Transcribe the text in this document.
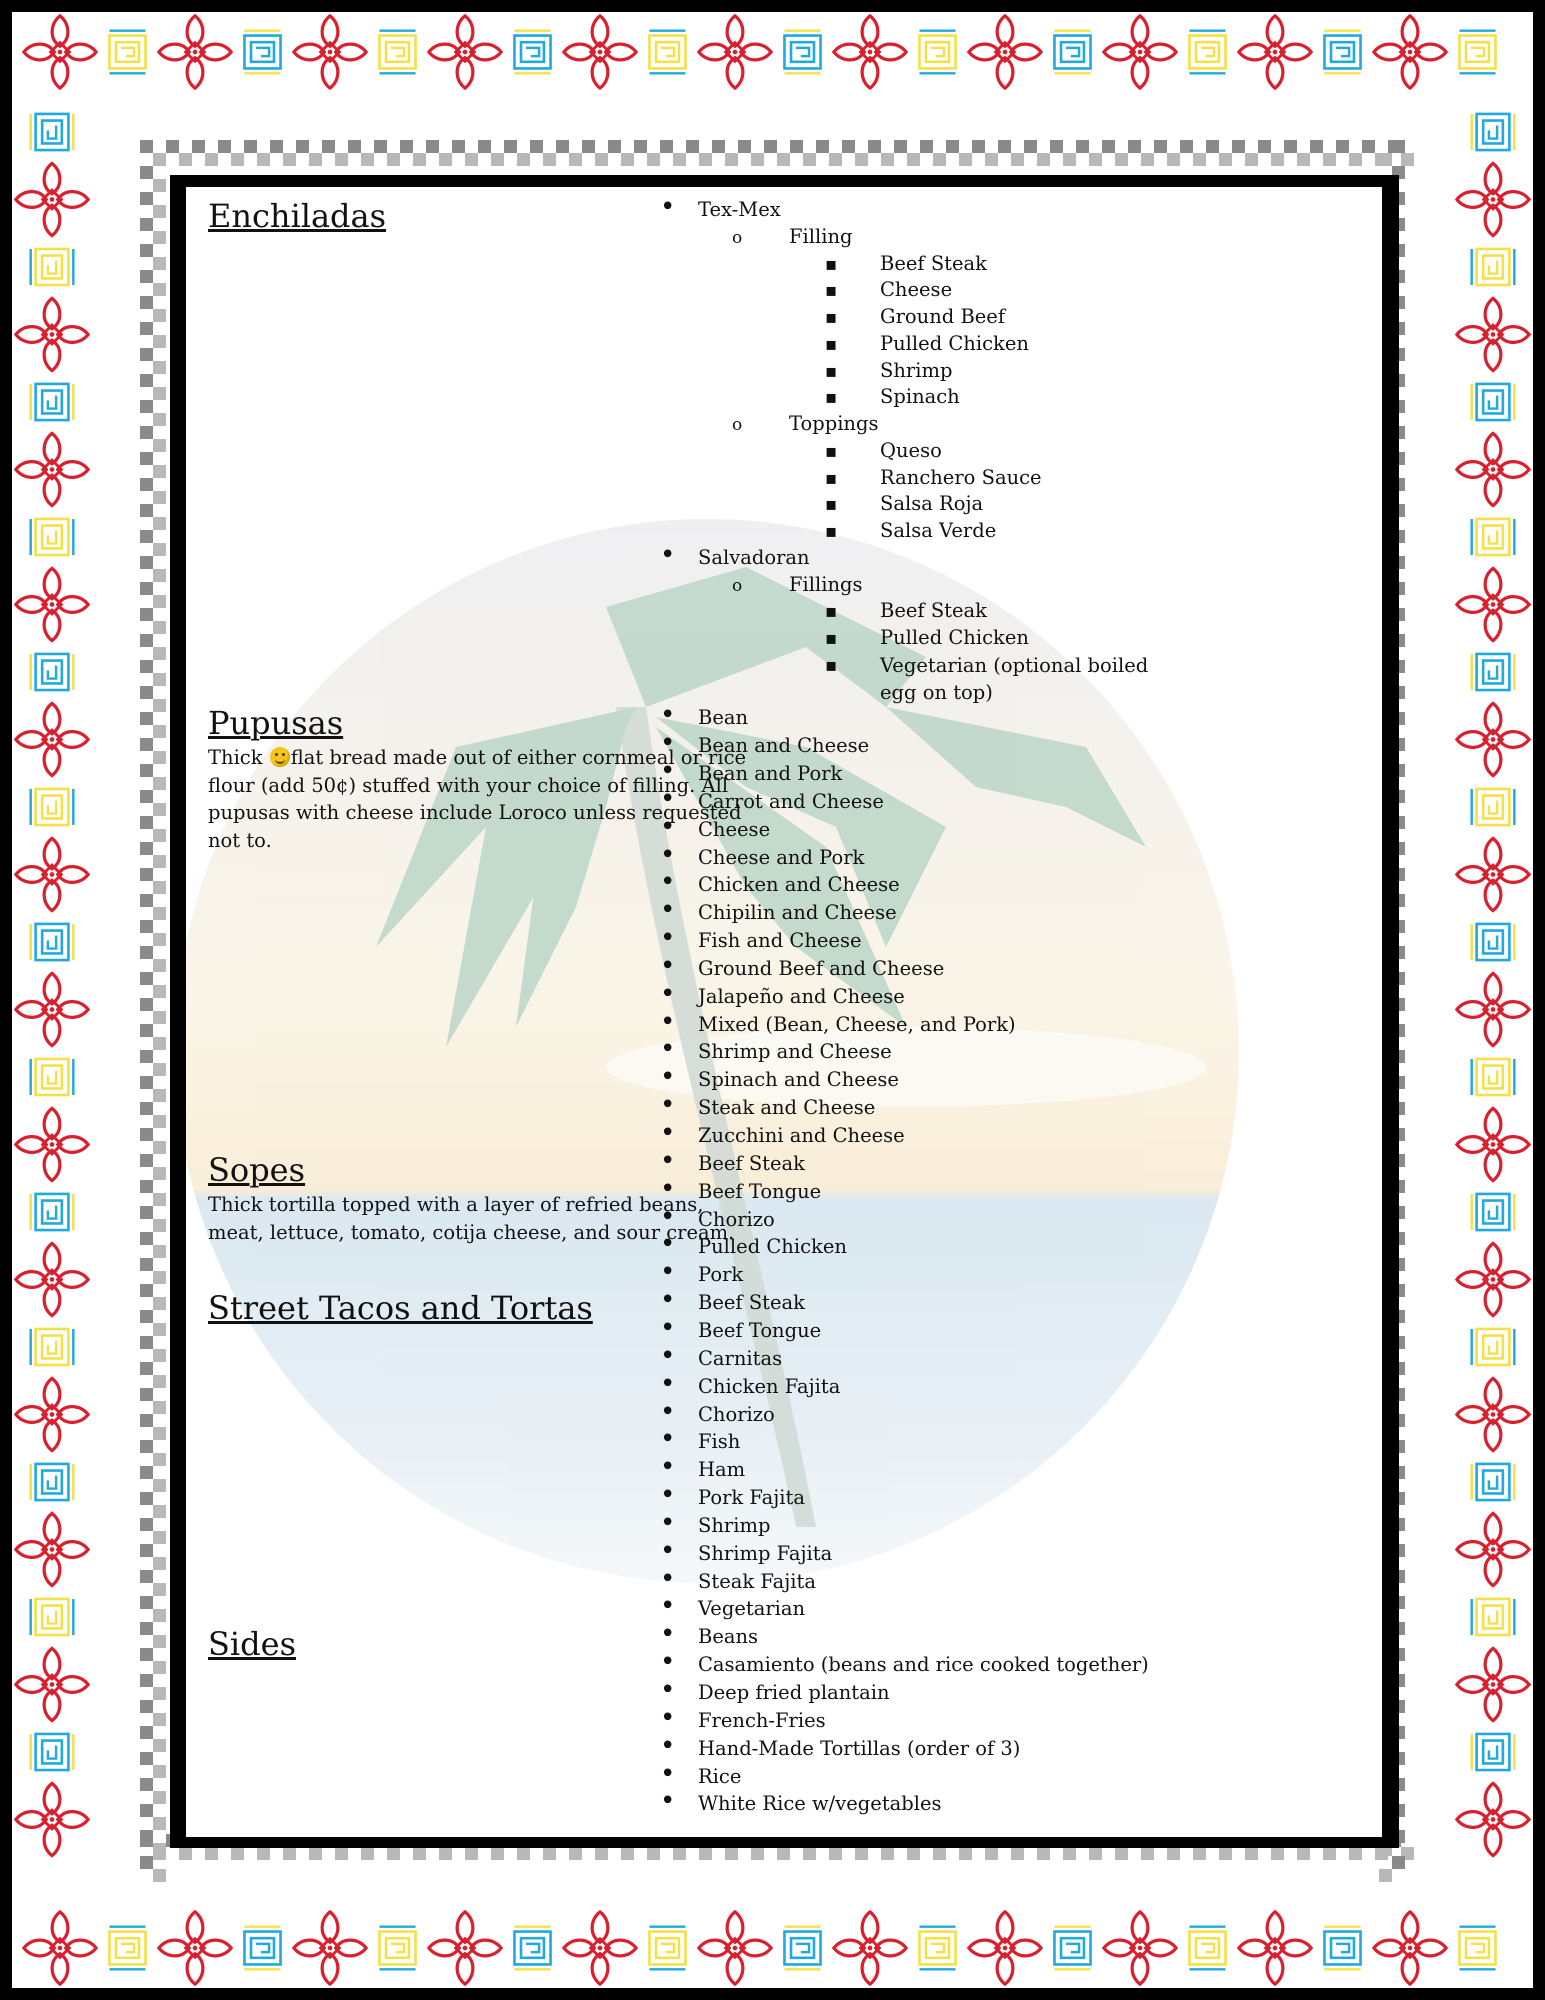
Enchiladas
Pupusas

Thick flat bread made out of either cornmeal or rice flour (add 50¢) stuffed with your choice of filling. All pupusas with cheese include Loroco unless requested not to.

Sopes

Thick tortilla topped with a layer of refried beans, meat, lettuce, tomato, cotija cheese, and sour cream.

Street Tacos and Tortas
Sides
•
Tex-Mex
o
Filling
▪
Beef Steak
▪
Cheese
▪
Ground Beef
▪
Pulled Chicken
▪
Shrimp
▪
Spinach
o
Toppings
▪
Queso
▪
Ranchero Sauce
▪
Salsa Roja
▪
Salsa Verde
•
Salvadoran
o
Fillings
▪
Beef Steak
▪
Pulled Chicken
▪
Vegetarian (optional boiled egg on top)
•
Bean
•
Bean and Cheese
•
Bean and Pork
•
Carrot and Cheese
•
Cheese
•
Cheese and Pork
•
Chicken and Cheese
•
Chipilin and Cheese
•
Fish and Cheese
•
Ground Beef and Cheese
•
Jalapeño and Cheese
•
Mixed (Bean, Cheese, and Pork)
•
Shrimp and Cheese
•
Spinach and Cheese
•
Steak and Cheese
•
Zucchini and Cheese
•
Beef Steak
•
Beef Tongue
•
Chorizo
•
Pulled Chicken
•
Pork
•
Beef Steak
•
Beef Tongue
•
Carnitas
•
Chicken Fajita
•
Chorizo
•
Fish
•
Ham
•
Pork Fajita
•
Shrimp
•
Shrimp Fajita
•
Steak Fajita
•
Vegetarian
•
Beans
•
Casamiento (beans and rice cooked together)
•
Deep fried plantain
•
French-Fries
•
Hand-Made Tortillas (order of 3)
•
Rice
•
White Rice w/vegetables
